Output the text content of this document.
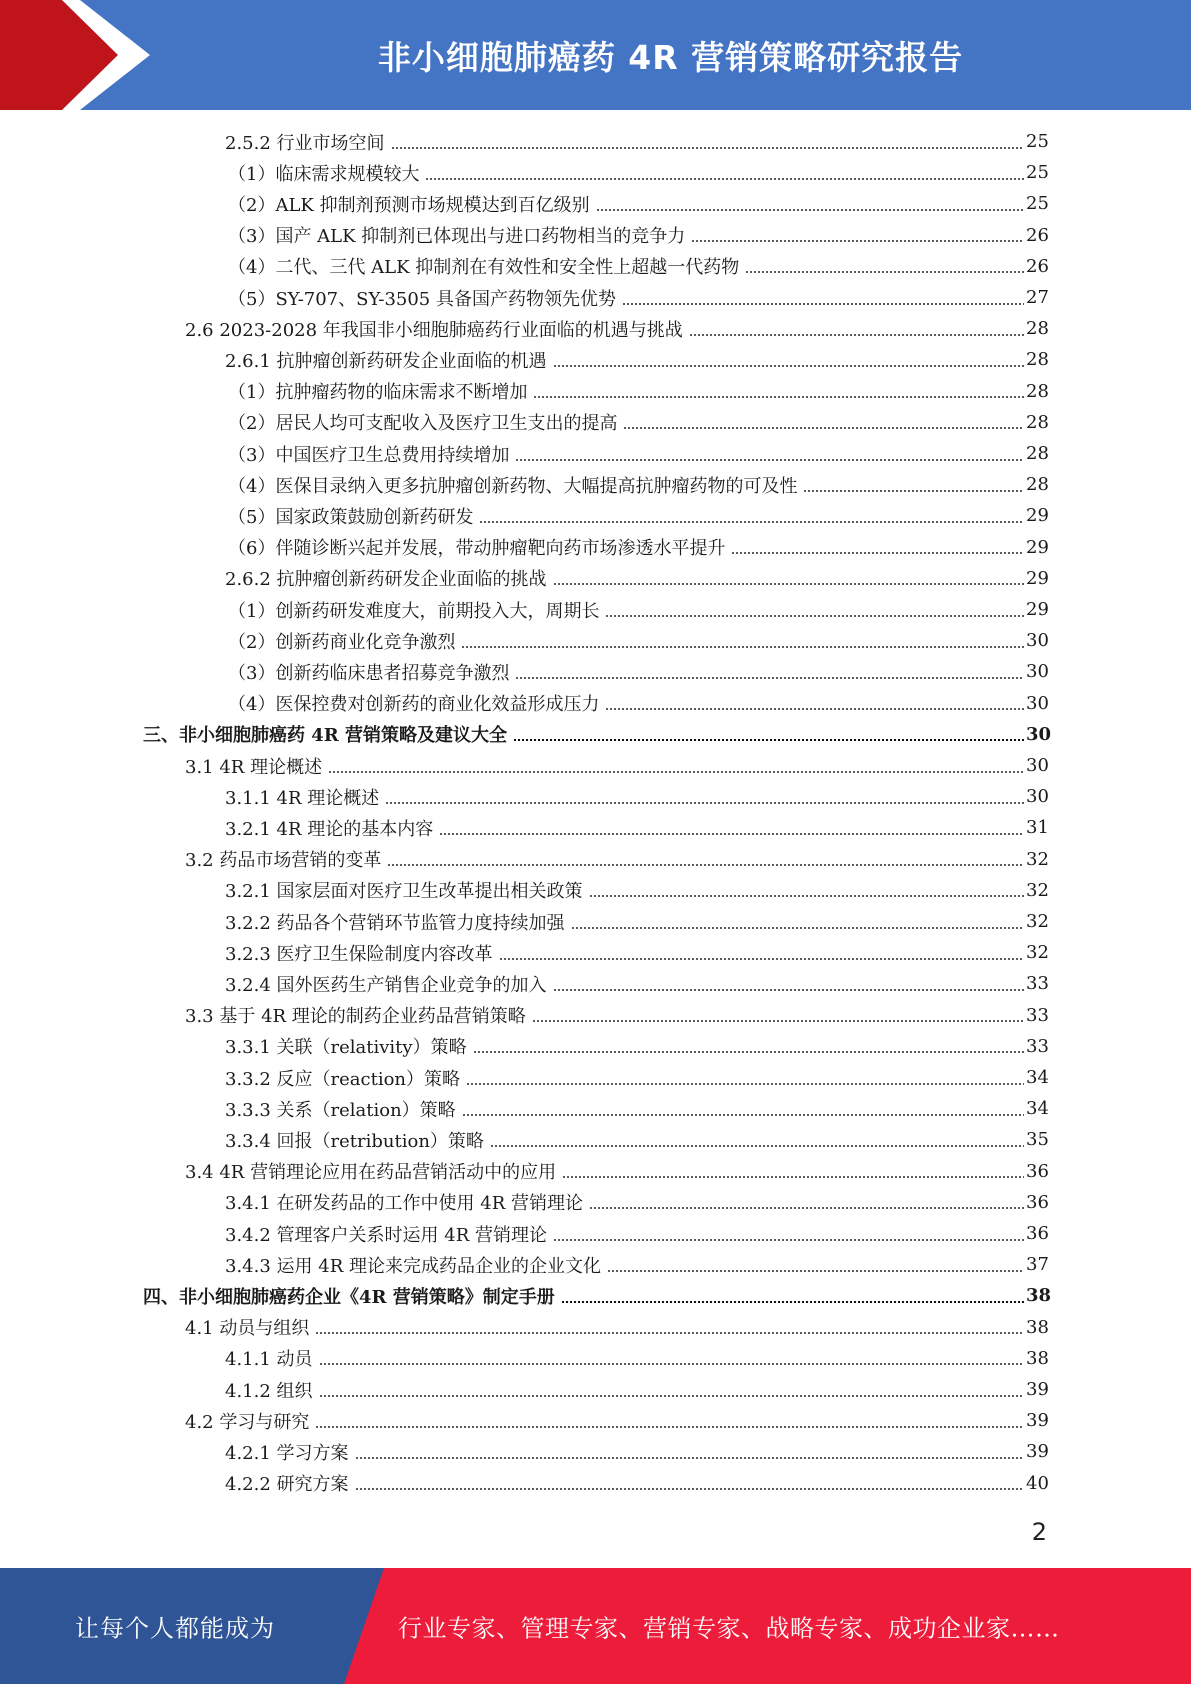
非小细胞肺癌药 4R 营销策略研究报告
2.5.2 行业市场空间	25
（1）临床需求规模较大	25
（2）ALK 抑制剂预测市场规模达到百亿级别	25
（3）国产 ALK 抑制剂已体现出与进口药物相当的竞争力	26
（4）二代、三代 ALK 抑制剂在有效性和安全性上超越一代药物	26
（5）SY-707、SY-3505 具备国产药物领先优势	27
2.6 2023-2028 年我国非小细胞肺癌药行业面临的机遇与挑战	28
2.6.1 抗肿瘤创新药研发企业面临的机遇	28
（1）抗肿瘤药物的临床需求不断增加	28
（2）居民人均可支配收入及医疗卫生支出的提高	28
（3）中国医疗卫生总费用持续增加	28
（4）医保目录纳入更多抗肿瘤创新药物、大幅提高抗肿瘤药物的可及性	28
（5）国家政策鼓励创新药研发	29
（6）伴随诊断兴起并发展，带动肿瘤靶向药市场渗透水平提升	29
2.6.2 抗肿瘤创新药研发企业面临的挑战	29
（1）创新药研发难度大，前期投入大，周期长	29
（2）创新药商业化竞争激烈	30
（3）创新药临床患者招募竞争激烈	30
（4）医保控费对创新药的商业化效益形成压力	30
三、非小细胞肺癌药 4R 营销策略及建议大全	30
3.1 4R 理论概述	30
3.1.1 4R 理论概述	30
3.2.1 4R 理论的基本内容	31
3.2 药品市场营销的变革	32
3.2.1 国家层面对医疗卫生改革提出相关政策	32
3.2.2 药品各个营销环节监管力度持续加强	32
3.2.3 医疗卫生保险制度内容改革	32
3.2.4 国外医药生产销售企业竞争的加入	33
3.3 基于 4R 理论的制药企业药品营销策略	33
3.3.1 关联（relativity）策略	33
3.3.2 反应（reaction）策略	34
3.3.3 关系（relation）策略	34
3.3.4 回报（retribution）策略	35
3.4 4R 营销理论应用在药品营销活动中的应用	36
3.4.1 在研发药品的工作中使用 4R 营销理论	36
3.4.2 管理客户关系时运用 4R 营销理论	36
3.4.3 运用 4R 理论来完成药品企业的企业文化	37
四、非小细胞肺癌药企业《4R 营销策略》制定手册	38
4.1 动员与组织	38
4.1.1 动员	38
4.1.2 组织	39
4.2 学习与研究	39
4.2.1 学习方案	39
4.2.2 研究方案	40
2
让每个人都能成为	行业专家、管理专家、营销专家、战略专家、成功企业家……
